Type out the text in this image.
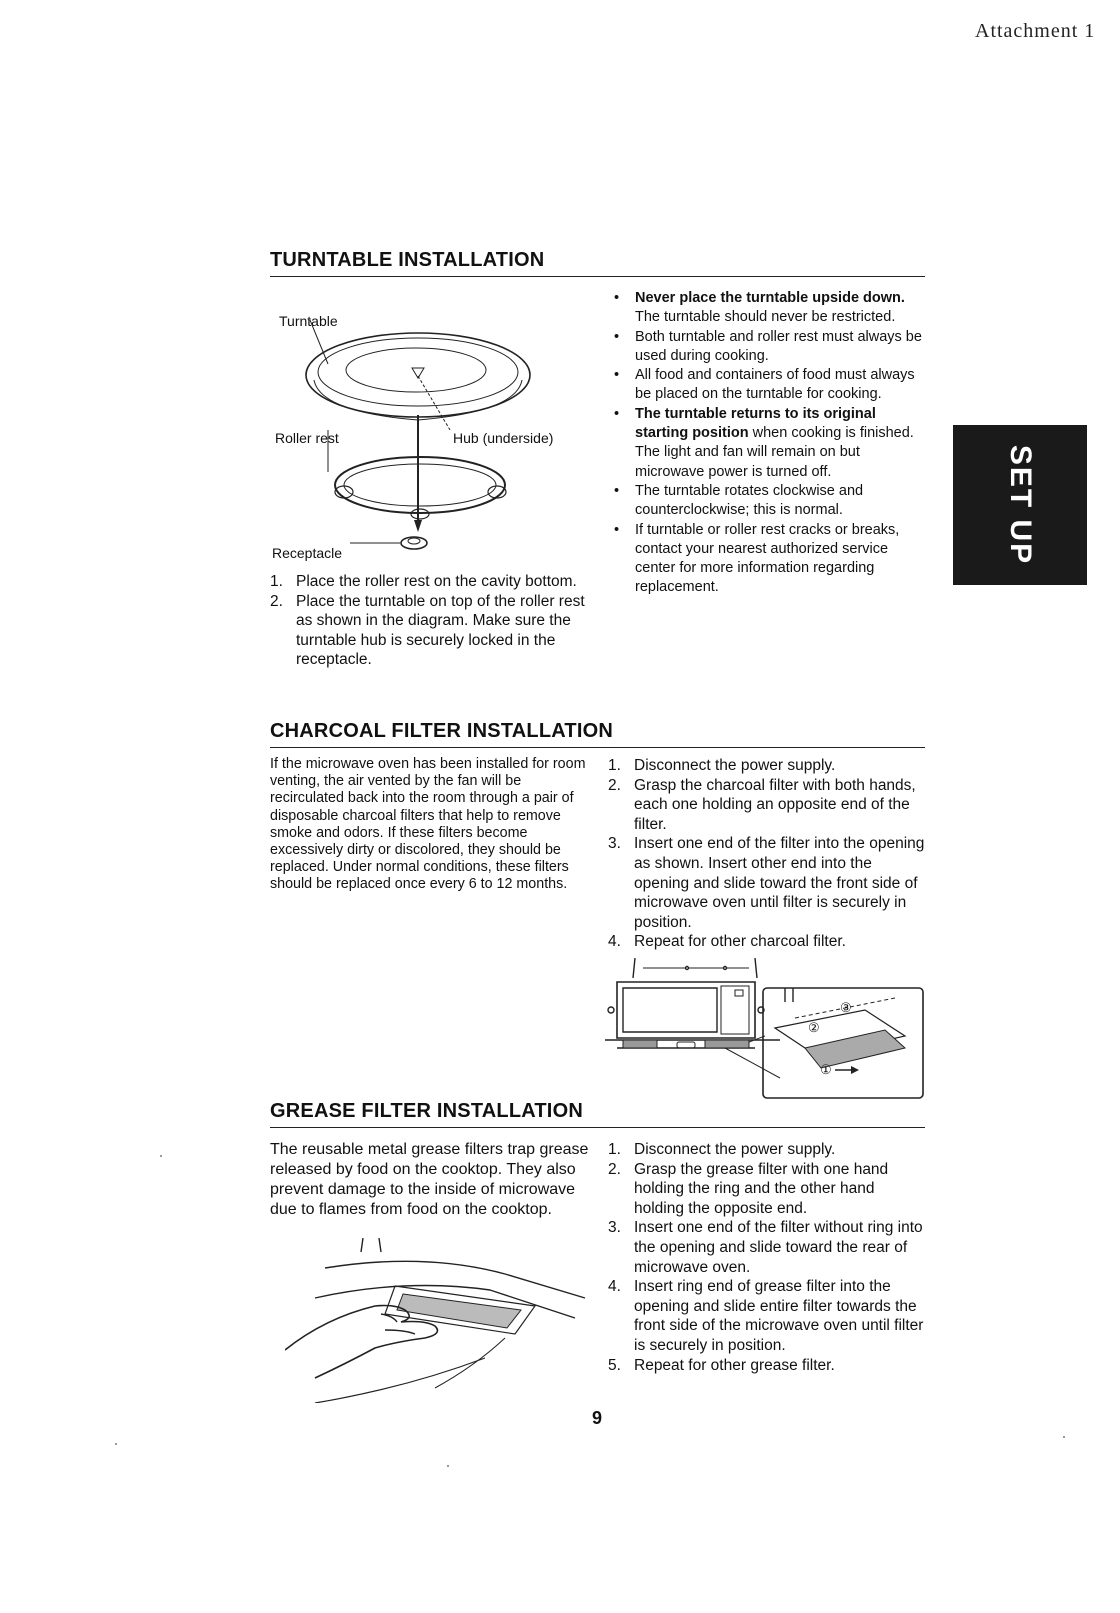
Attachment 1
SET UP
TURNTABLE INSTALLATION
Turntable
Roller rest	Hub (underside)
Receptacle
1. Place the roller rest on the cavity bottom.
2. Place the turntable on top of the roller rest as shown in the diagram. Make sure the turntable hub is securely locked in the receptacle.
• Never place the turntable upside down. The turntable should never be restricted.
• Both turntable and roller rest must always be used during cooking.
• All food and containers of food must always be placed on the turntable for cooking.
• The turntable returns to its original starting position when cooking is finished. The light and fan will remain on but microwave power is turned off.
• The turntable rotates clockwise and counterclockwise; this is normal.
• If turntable or roller rest cracks or breaks, contact your nearest authorized service center for more information regarding replacement.
CHARCOAL FILTER INSTALLATION
If the microwave oven has been installed for room venting, the air vented by the fan will be recirculated back into the room through a pair of disposable charcoal filters that help to remove smoke and odors. If these filters become excessively dirty or discolored, they should be replaced. Under normal conditions, these filters should be replaced once every 6 to 12 months.
1. Disconnect the power supply.
2. Grasp the charcoal filter with both hands, each one holding an opposite end of the filter.
3. Insert one end of the filter into the opening as shown. Insert other end into the opening and slide toward the front side of microwave oven until filter is securely in position.
4. Repeat for other charcoal filter.
②
③
①
GREASE FILTER INSTALLATION
The reusable metal grease filters trap grease released by food on the cooktop. They also prevent damage to the inside of microwave due to flames from food on the cooktop.
1. Disconnect the power supply.
2. Grasp the grease filter with one hand holding the ring and the other hand holding the opposite end.
3. Insert one end of the filter without ring into the opening and slide toward the rear of microwave oven.
4. Insert ring end of grease filter into the opening and slide entire filter towards the front side of the microwave oven until filter is securely in position.
5. Repeat for other grease filter.
9
